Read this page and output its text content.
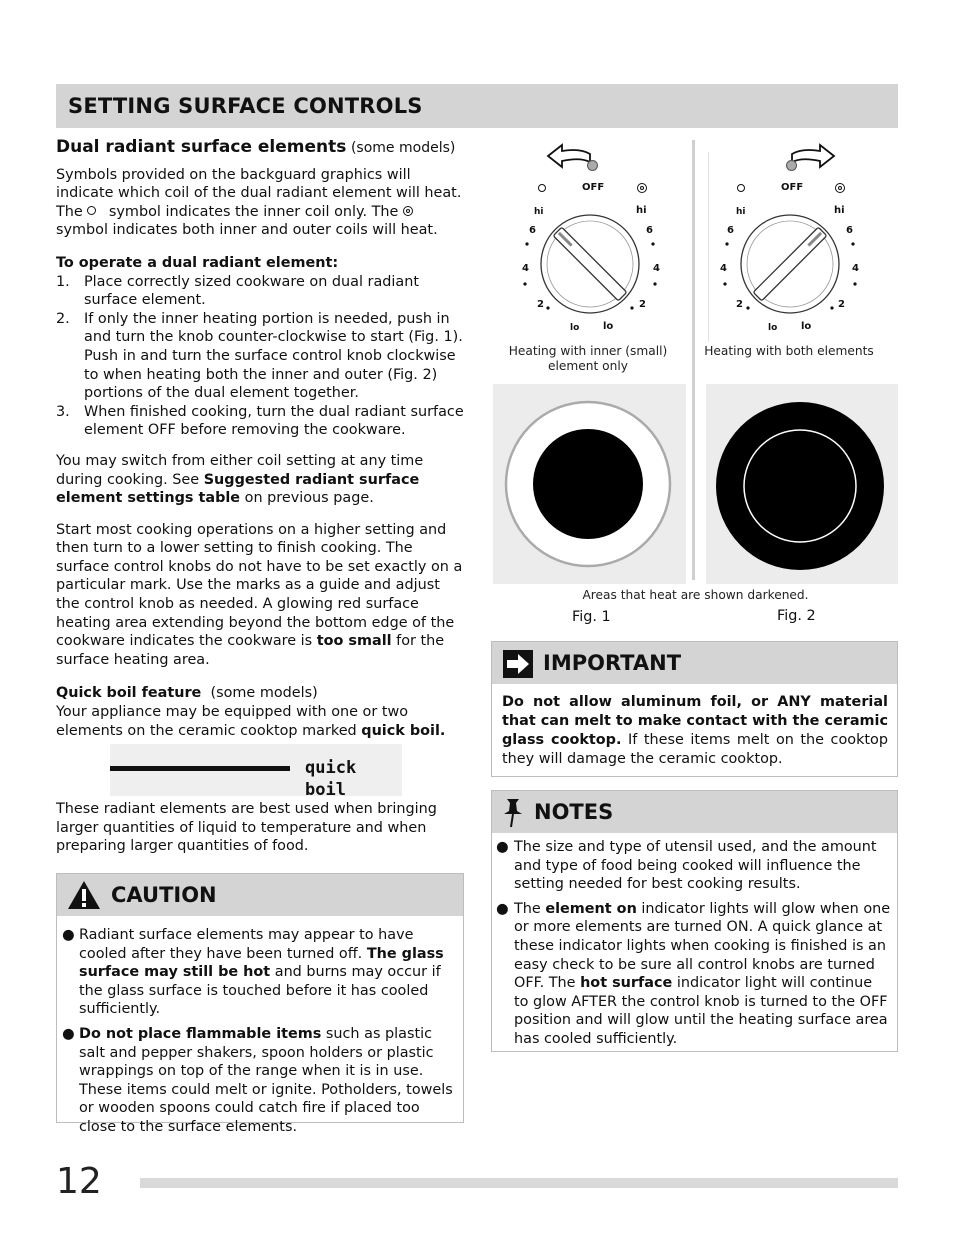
SETTING SURFACE CONTROLS

Dual radiant surface elements (some models)

Symbols provided on the backguard graphics will indicate which coil of the dual radiant element will heat. The  symbol indicates the inner coil only. The
symbol indicates both inner and outer coils will heat.

To operate a dual radiant element:

1. Place correctly sized cookware on dual radiant surface element.
2. If only the inner heating portion is needed, push in and turn the knob counter-clockwise to start (Fig. 1). Push in and turn the surface control knob clockwise to when heating both the inner and outer (Fig. 2) portions of the dual element together.
3. When finished cooking, turn the dual radiant surface element OFF before removing the cookware.

You may switch from either coil setting at any time during cooking. See Suggested radiant surface element settings table on previous page.

Start most cooking operations on a higher setting and then turn to a lower setting to finish cooking. The surface control knobs do not have to be set exactly on a particular mark. Use the marks as a guide and adjust the control knob as needed. A glowing red surface heating area extending beyond the bottom edge of the cookware indicates the cookware is too small for the surface heating area.

Quick boil feature (some models)

Your appliance may be equipped with one or two elements on the ceramic cooktop marked quick boil.

quick boil

These radiant elements are best used when bringing larger quantities of liquid to temperature and when preparing larger quantities of food.

CAUTION
● Radiant surface elements may appear to have cooled after they have been turned off. The glass surface may still be hot and burns may occur if the glass surface is touched before it has cooled sufficiently.
● Do not place flammable items such as plastic salt and pepper shakers, spoon holders or plastic wrappings on top of the range when it is in use. These items could melt or ignite. Potholders, towels or wooden spoons could catch fire if placed too close to the surface elements.
OFF
hi	hi
6	6
4	4
2	2
lo lo
Heating with inner (small) element only
OFF
hi	hi
6	6
4	4
2	2
lo lo
Heating with both elements
Areas that heat are shown darkened.
Fig. 1	Fig. 2
IMPORTANT

Do not allow aluminum foil, or ANY material that can melt to make contact with the ceramic glass cooktop. If these items melt on the cooktop they will damage the ceramic cooktop.

NOTES
● The size and type of utensil used, and the amount and type of food being cooked will influence the setting needed for best cooking results.
● The element on indicator lights will glow when one or more elements are turned ON. A quick glance at these indicator lights when cooking is finished is an easy check to be sure all control knobs are turned OFF. The hot surface indicator light will continue to glow AFTER the control knob is turned to the OFF position and will glow until the heating surface area has cooled sufficiently.
12
